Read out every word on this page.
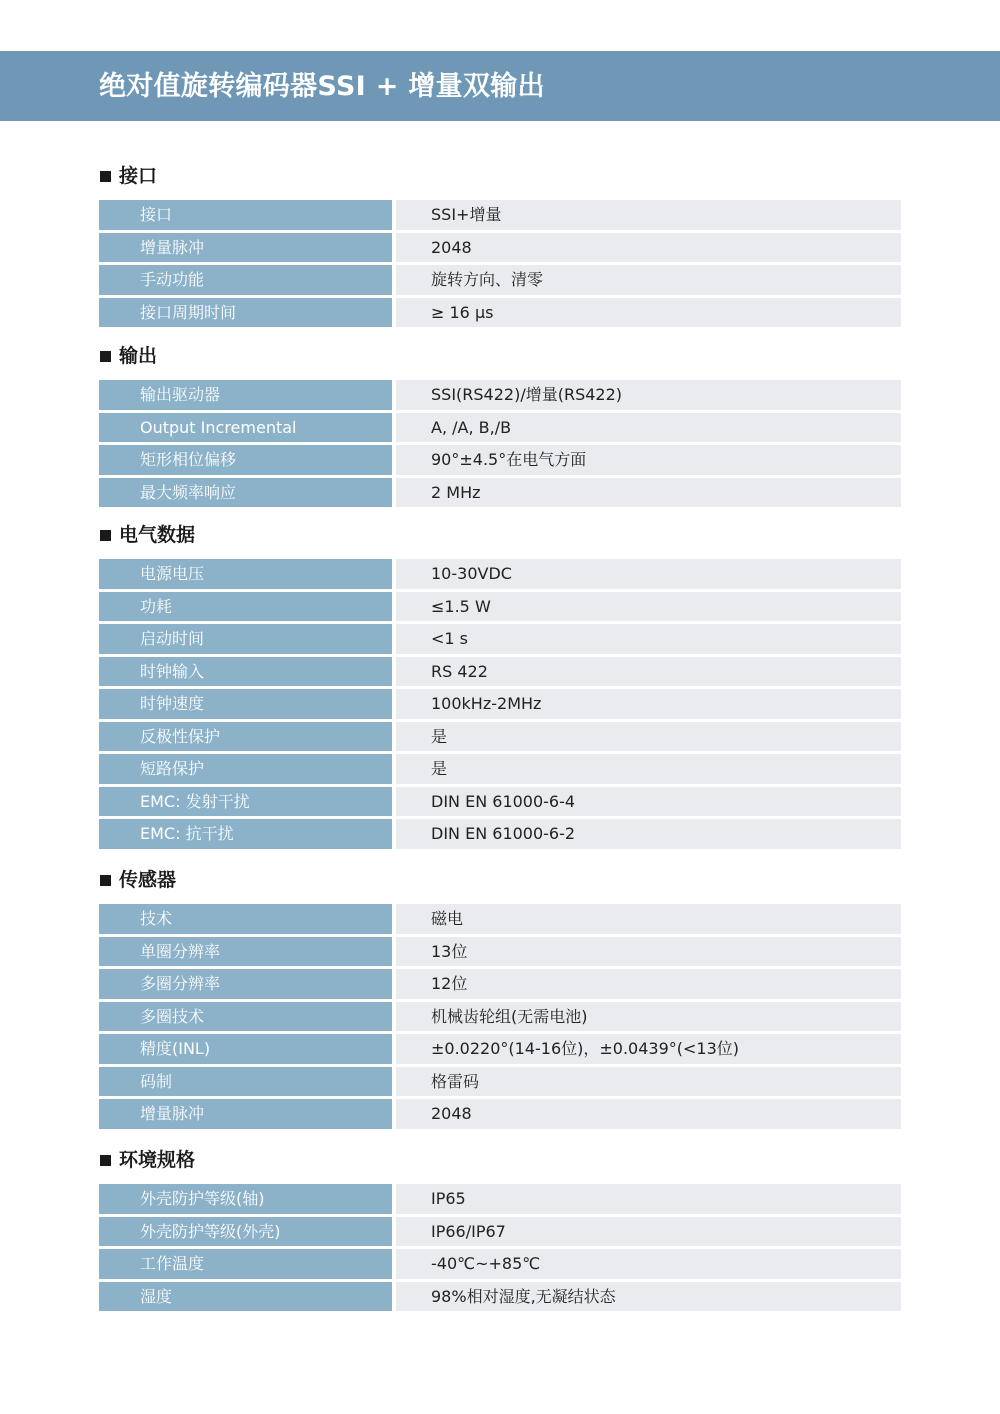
绝对值旋转编码器SSI + 增量双输出
接口
接口	SSI+增量
增量脉冲	2048
手动功能	旋转方向、清零
接口周期时间	≥ 16 μs
输出
输出驱动器	SSI(RS422)/增量(RS422)
Output Incremental	A, /A, B,/B
矩形相位偏移	90°±4.5°在电气方面
最大频率响应	2 MHz
电气数据
电源电压	10-30VDC
功耗	≤1.5 W
启动时间	<1 s
时钟输入	RS 422
时钟速度	100kHz-2MHz
反极性保护	是
短路保护	是
EMC: 发射干扰	DIN EN 61000-6-4
EMC: 抗干扰	DIN EN 61000-6-2
传感器
技术	磁电
单圈分辨率	13位
多圈分辨率	12位
多圈技术	机械齿轮组(无需电池)
精度(INL)	±0.0220°(14-16位)，±0.0439°(<13位)
码制	格雷码
增量脉冲	2048
环境规格
外壳防护等级(轴)	IP65
外壳防护等级(外壳)	IP66/IP67
工作温度	-40℃~+85℃
湿度	98%相对湿度,无凝结状态
